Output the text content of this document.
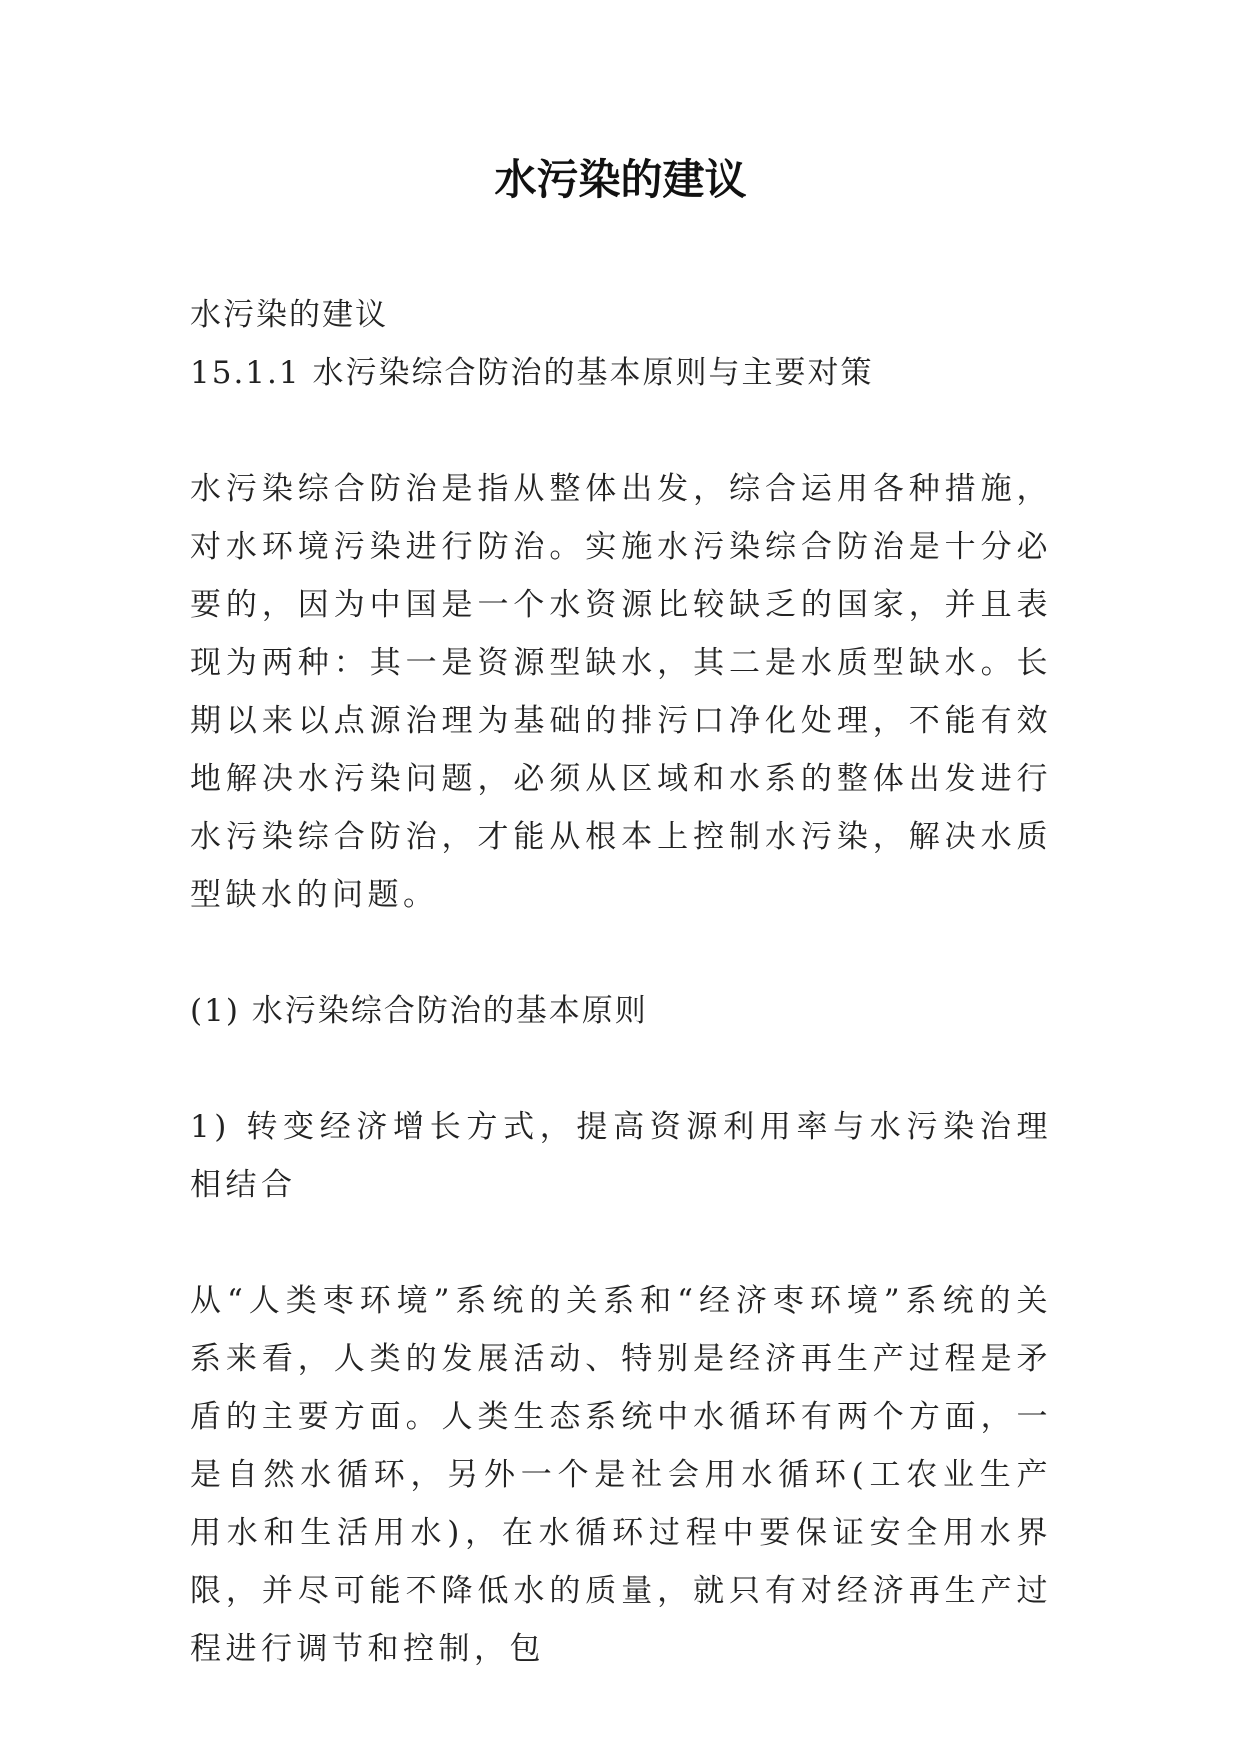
水污染的建议

水污染的建议

15.1.1 水污染综合防治的基本原则与主要对策

水污染综合防治是指从整体出发，综合运用各种措施，对水环境污染进行防治。实施水污染综合防治是十分必要的，因为中国是一个水资源比较缺乏的国家，并且表现为两种：其一是资源型缺水，其二是水质型缺水。长期以来以点源治理为基础的排污口净化处理，不能有效地解决水污染问题，必须从区域和水系的整体出发进行水污染综合防治，才能从根本上控制水污染，解决水质型缺水的问题。

(1) 水污染综合防治的基本原则

1) 转变经济增长方式，提高资源利用率与水污染治理相结合

从“人类枣环境”系统的关系和“经济枣环境”系统的关系来看，人类的发展活动、特别是经济再生产过程是矛盾的主要方面。人类生态系统中水循环有两个方面，一是自然水循环，另外一个是社会用水循环(工农业生产用水和生活用水)，在水循环过程中要保证安全用水界限，并尽可能不降低水的质量，就只有对经济再生产过程进行调节和控制，包
